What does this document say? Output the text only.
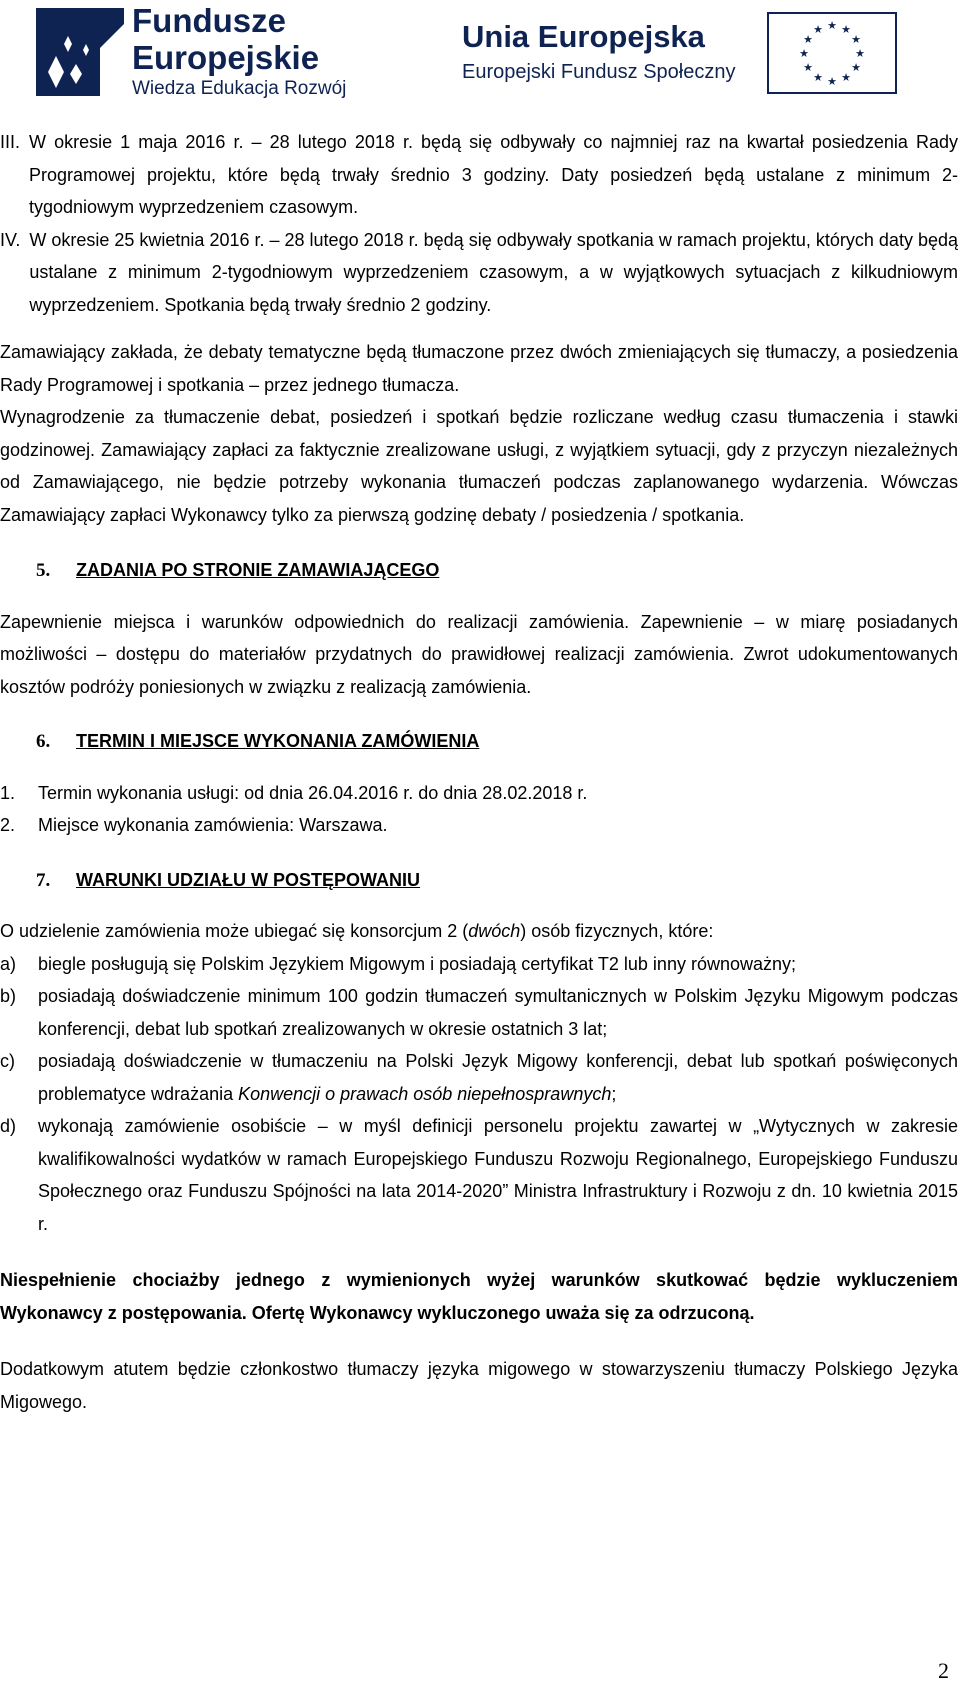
Fundusze
Europejskie
Wiedza Edukacja Rozwój
Unia Europejska
Europejski Fundusz Społeczny
★ ★
★
★
★
★
★
★
★
★
★
★
III. W okresie 1 maja 2016 r. – 28 lutego 2018 r. będą się odbywały co najmniej raz na kwartał posiedzenia Rady Programowej projektu, które będą trwały średnio 3 godziny. Daty posiedzeń będą ustalane z minimum 2-tygodniowym wyprzedzeniem czasowym.
IV. W okresie 25 kwietnia 2016 r. – 28 lutego 2018 r. będą się odbywały spotkania w ramach projektu, których daty będą ustalane z minimum 2-tygodniowym wyprzedzeniem czasowym, a w wyjątkowych sytuacjach z kilkudniowym wyprzedzeniem. Spotkania będą trwały średnio 2 godziny.

Zamawiający zakłada, że debaty tematyczne będą tłumaczone przez dwóch zmieniających się tłumaczy, a posiedzenia Rady Programowej i spotkania – przez jednego tłumacza.

Wynagrodzenie za tłumaczenie debat, posiedzeń i spotkań będzie rozliczane według czasu tłumaczenia i stawki godzinowej. Zamawiający zapłaci za faktycznie zrealizowane usługi, z wyjątkiem sytuacji, gdy z przyczyn niezależnych od Zamawiającego, nie będzie potrzeby wykonania tłumaczeń podczas zaplanowanego wydarzenia. Wówczas Zamawiający zapłaci Wykonawcy tylko za pierwszą godzinę debaty / posiedzenia / spotkania.

5. ZADANIA PO STRONIE ZAMAWIAJĄCEGO

Zapewnienie miejsca i warunków odpowiednich do realizacji zamówienia. Zapewnienie – w miarę posiadanych możliwości – dostępu do materiałów przydatnych do prawidłowej realizacji zamówienia. Zwrot udokumentowanych kosztów podróży poniesionych w związku z realizacją zamówienia.

6. TERMIN I MIEJSCE WYKONANIA ZAMÓWIENIA

1.	Termin wykonania usługi: od dnia 26.04.2016 r. do dnia 28.02.2018 r.
2.	Miejsce wykonania zamówienia: Warszawa.

7. WARUNKI UDZIAŁU W POSTĘPOWANIU

O udzielenie zamówienia może ubiegać się konsorcjum 2 (dwóch) osób fizycznych, które:

a)	biegle posługują się Polskim Językiem Migowym i posiadają certyfikat T2 lub inny równoważny;
b)	posiadają doświadczenie minimum 100 godzin tłumaczeń symultanicznych w Polskim Języku Migowym podczas konferencji, debat lub spotkań zrealizowanych w okresie ostatnich 3 lat;
c)	posiadają doświadczenie w tłumaczeniu na Polski Język Migowy konferencji, debat lub spotkań poświęconych problematyce wdrażania Konwencji o prawach osób niepełnosprawnych;
d)	wykonają zamówienie osobiście – w myśl definicji personelu projektu zawartej w „Wytycznych w zakresie kwalifikowalności wydatków w ramach Europejskiego Funduszu Rozwoju Regionalnego, Europejskiego Funduszu Społecznego oraz Funduszu Spójności na lata 2014-2020” Ministra Infrastruktury i Rozwoju z dn. 10 kwietnia 2015 r.

Niespełnienie chociażby jednego z wymienionych wyżej warunków skutkować będzie wykluczeniem Wykonawcy z postępowania. Ofertę Wykonawcy wykluczonego uważa się za odrzuconą.

Dodatkowym atutem będzie członkostwo tłumaczy języka migowego w stowarzyszeniu tłumaczy Polskiego Języka Migowego.

2
